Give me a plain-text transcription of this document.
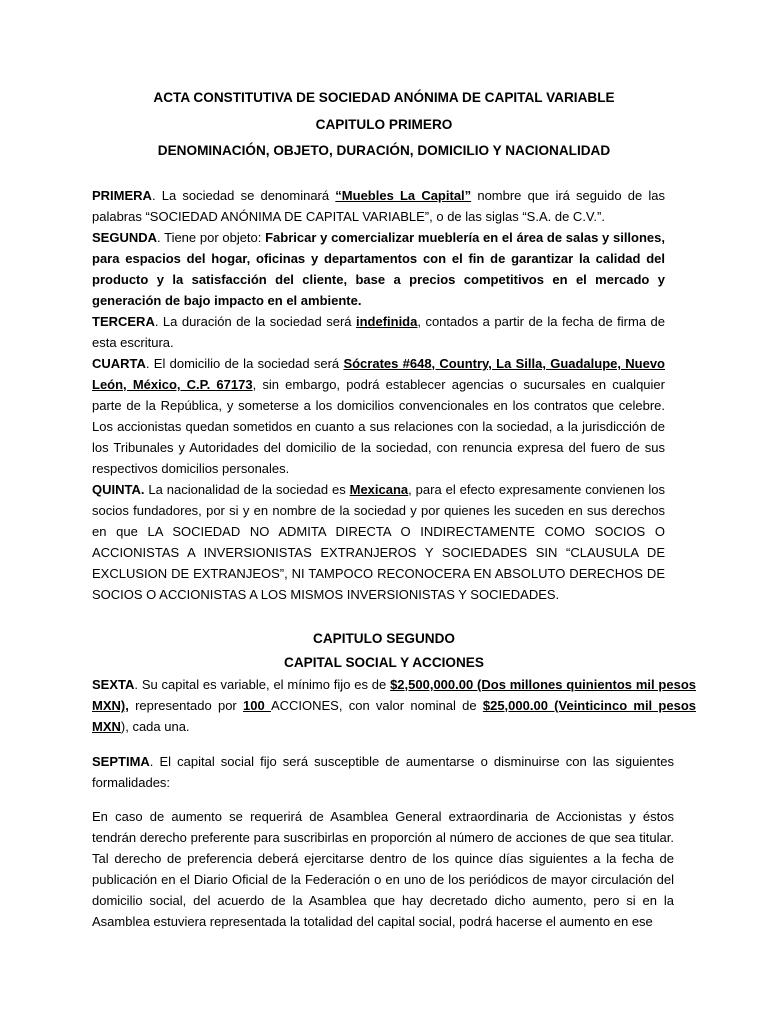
ACTA CONSTITUTIVA DE SOCIEDAD ANÓNIMA DE CAPITAL VARIABLE
CAPITULO PRIMERO
DENOMINACIÓN, OBJETO, DURACIÓN, DOMICILIO Y NACIONALIDAD
PRIMERA. La sociedad se denominará “Muebles La Capital” nombre que irá seguido de las palabras “SOCIEDAD ANÓNIMA DE CAPITAL VARIABLE”, o de las siglas “S.A. de C.V.”.
SEGUNDA. Tiene por objeto: Fabricar y comercializar mueblería en el área de salas y sillones, para espacios del hogar, oficinas y departamentos con el fin de garantizar la calidad del producto y la satisfacción del cliente, base a precios competitivos en el mercado y generación de bajo impacto en el ambiente.
TERCERA. La duración de la sociedad será indefinida, contados a partir de la fecha de firma de esta escritura.
CUARTA. El domicilio de la sociedad será Sócrates #648, Country, La Silla, Guadalupe, Nuevo León, México, C.P. 67173, sin embargo, podrá establecer agencias o sucursales en cualquier parte de la República, y someterse a los domicilios convencionales en los contratos que celebre. Los accionistas quedan sometidos en cuanto a sus relaciones con la sociedad, a la jurisdicción de los Tribunales y Autoridades del domicilio de la sociedad, con renuncia expresa del fuero de sus respectivos domicilios personales.
QUINTA. La nacionalidad de la sociedad es Mexicana, para el efecto expresamente convienen los socios fundadores, por si y en nombre de la sociedad y por quienes les suceden en sus derechos en que LA SOCIEDAD NO ADMITA DIRECTA O INDIRECTAMENTE COMO SOCIOS O ACCIONISTAS A INVERSIONISTAS EXTRANJEROS Y SOCIEDADES SIN “CLAUSULA DE EXCLUSION DE EXTRANJEOS”, NI TAMPOCO RECONOCERA EN ABSOLUTO DERECHOS DE SOCIOS O ACCIONISTAS A LOS MISMOS INVERSIONISTAS Y SOCIEDADES.
CAPITULO SEGUNDO
CAPITAL SOCIAL Y ACCIONES
SEXTA. Su capital es variable, el mínimo fijo es de $2,500,000.00 (Dos millones quinientos mil pesos MXN), representado por 100 ACCIONES, con valor nominal de $25,000.00 (Veinticinco mil pesos MXN), cada una.
SEPTIMA. El capital social fijo será susceptible de aumentarse o disminuirse con las siguientes formalidades:
En caso de aumento se requerirá de Asamblea General extraordinaria de Accionistas y éstos tendrán derecho preferente para suscribirlas en proporción al número de acciones de que sea titular. Tal derecho de preferencia deberá ejercitarse dentro de los quince días siguientes a la fecha de publicación en el Diario Oficial de la Federación o en uno de los periódicos de mayor circulación del domicilio social, del acuerdo de la Asamblea que hay decretado dicho aumento, pero si en la Asamblea estuviera representada la totalidad del capital social, podrá hacerse el aumento en ese
